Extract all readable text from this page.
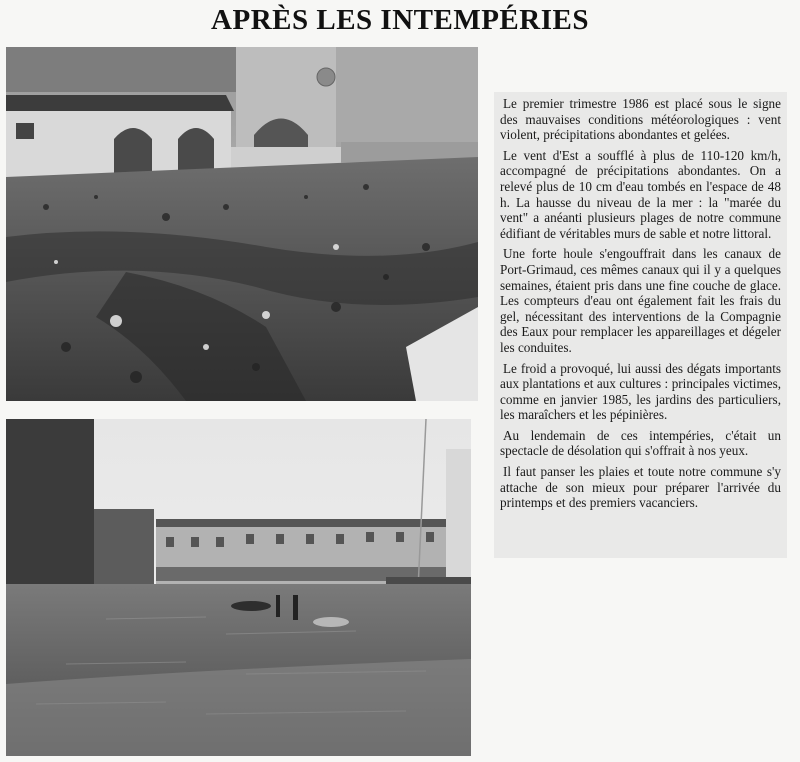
APRÈS LES INTEMPÉRIES

Le premier trimestre 1986 est placé sous le signe des mauvaises conditions météorologiques : vent violent, précipitations abondantes et gelées.

Le vent d'Est a soufflé à plus de 110-120 km/h, accompagné de précipitations abondantes. On a relevé plus de 10 cm d'eau tombés en l'espace de 48 h. La hausse du niveau de la mer : la "marée du vent" a anéanti plusieurs plages de notre commune édifiant de véritables murs de sable et notre littoral.

Une forte houle s'engouffrait dans les canaux de Port-Grimaud, ces mêmes canaux qui il y a quelques semaines, étaient pris dans une fine couche de glace. Les compteurs d'eau ont également fait les frais du gel, nécessitant des interventions de la Compagnie des Eaux pour remplacer les appareillages et dégeler les conduites.

Le froid a provoqué, lui aussi des dégats importants aux plantations et aux cultures : principales victimes, comme en janvier 1985, les jardins des particuliers, les maraîchers et les pépinières.

Au lendemain de ces intempéries, c'était un spectacle de désolation qui s'offrait à nos yeux.

Il faut panser les plaies et toute notre commune s'y attache de son mieux pour préparer l'arrivée du printemps et des premiers vacanciers.
